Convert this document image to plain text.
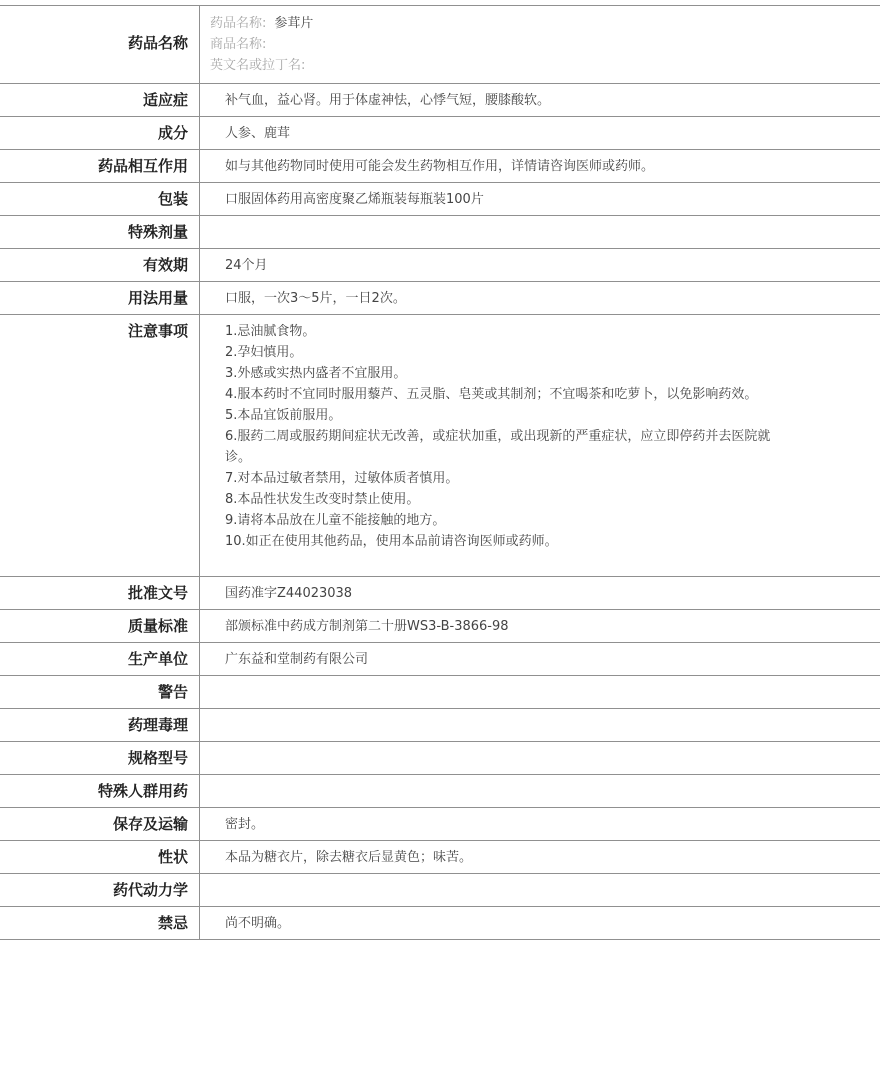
药品名称
药品名称: 参茸片
商品名称:
英文名或拉丁名:
适应症	补气血，益心肾。用于体虚神怯，心悸气短，腰膝酸软。
成分	人参、鹿茸
药品相互作用	如与其他药物同时使用可能会发生药物相互作用，详情请咨询医师或药师。
包装	口服固体药用高密度聚乙烯瓶装每瓶装100片
特殊剂量
有效期	24个月
用法用量	口服，一次3～5片，一日2次。
注意事项	1.忌油腻食物。
2.孕妇慎用。
3.外感或实热内盛者不宜服用。
4.服本药时不宜同时服用藜芦、五灵脂、皂荚或其制剂；不宜喝茶和吃萝卜，以免影响药效。
5.本品宜饭前服用。
6.服药二周或服药期间症状无改善，或症状加重，或出现新的严重症状，应立即停药并去医院就诊。
7.对本品过敏者禁用，过敏体质者慎用。
8.本品性状发生改变时禁止使用。
9.请将本品放在儿童不能接触的地方。
10.如正在使用其他药品，使用本品前请咨询医师或药师。
批准文号	国药准字Z44023038
质量标准	部颁标准中药成方制剂第二十册WS3-B-3866-98
生产单位	广东益和堂制药有限公司
警告
药理毒理
规格型号
特殊人群用药
保存及运输	密封。
性状	本品为糖衣片，除去糖衣后显黄色；味苦。
药代动力学
禁忌	尚不明确。
